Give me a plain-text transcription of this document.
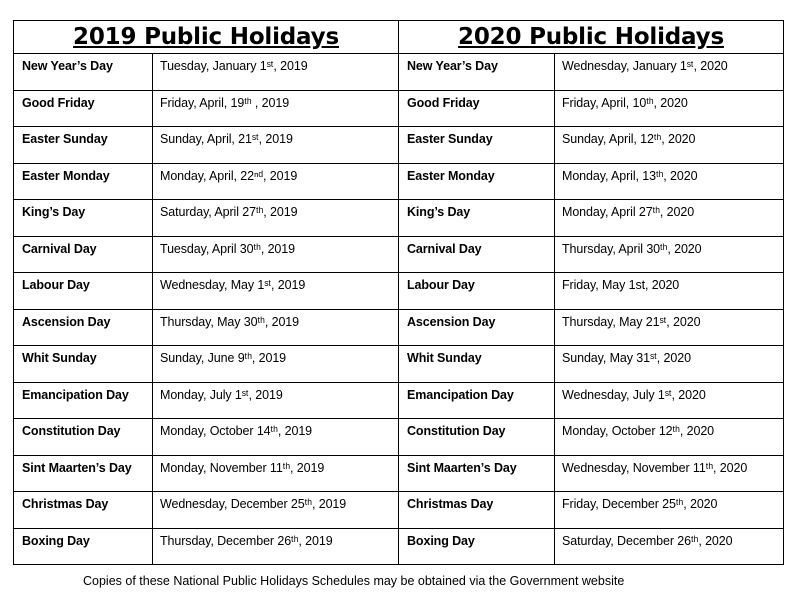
2019 Public Holidays		2020 Public Holidays	
New Year’s Day	Tuesday, January 1ˢᵗ, 2019	New Year’s Day	Wednesday, January 1ˢᵗ, 2020
Good Friday	Friday, April, 19ᵗʰ , 2019	Good Friday	Friday, April, 10ᵗʰ, 2020
Easter Sunday	Sunday, April, 21ˢᵗ, 2019	Easter Sunday	Sunday, April, 12ᵗʰ, 2020
Easter Monday	Monday, April, 22ⁿᵈ, 2019	Easter Monday	Monday, April, 13ᵗʰ, 2020
King’s Day	Saturday, April 27ᵗʰ, 2019	King’s Day	Monday, April 27ᵗʰ, 2020
Carnival Day	Tuesday, April 30ᵗʰ, 2019	Carnival Day	Thursday, April 30ᵗʰ, 2020
Labour Day	Wednesday, May 1ˢᵗ, 2019	Labour Day	Friday, May 1st, 2020
Ascension Day	Thursday, May 30ᵗʰ, 2019	Ascension Day	Thursday, May 21ˢᵗ, 2020
Whit Sunday	Sunday, June 9ᵗʰ, 2019	Whit Sunday	Sunday, May 31ˢᵗ, 2020
Emancipation Day	Monday, July 1ˢᵗ, 2019	Emancipation Day	Wednesday, July 1ˢᵗ, 2020
Constitution Day	Monday, October 14ᵗʰ, 2019	Constitution Day	Monday, October 12ᵗʰ, 2020
Sint Maarten’s Day	Monday, November 11ᵗʰ, 2019	Sint Maarten’s Day	Wednesday, November 11ᵗʰ, 2020
Christmas Day	Wednesday, December 25ᵗʰ, 2019	Christmas Day	Friday, December 25ᵗʰ, 2020
Boxing Day	Thursday, December 26ᵗʰ, 2019	Boxing Day	Saturday, December 26ᵗʰ, 2020
Copies of these National Public Holidays Schedules may be obtained via the Government website
